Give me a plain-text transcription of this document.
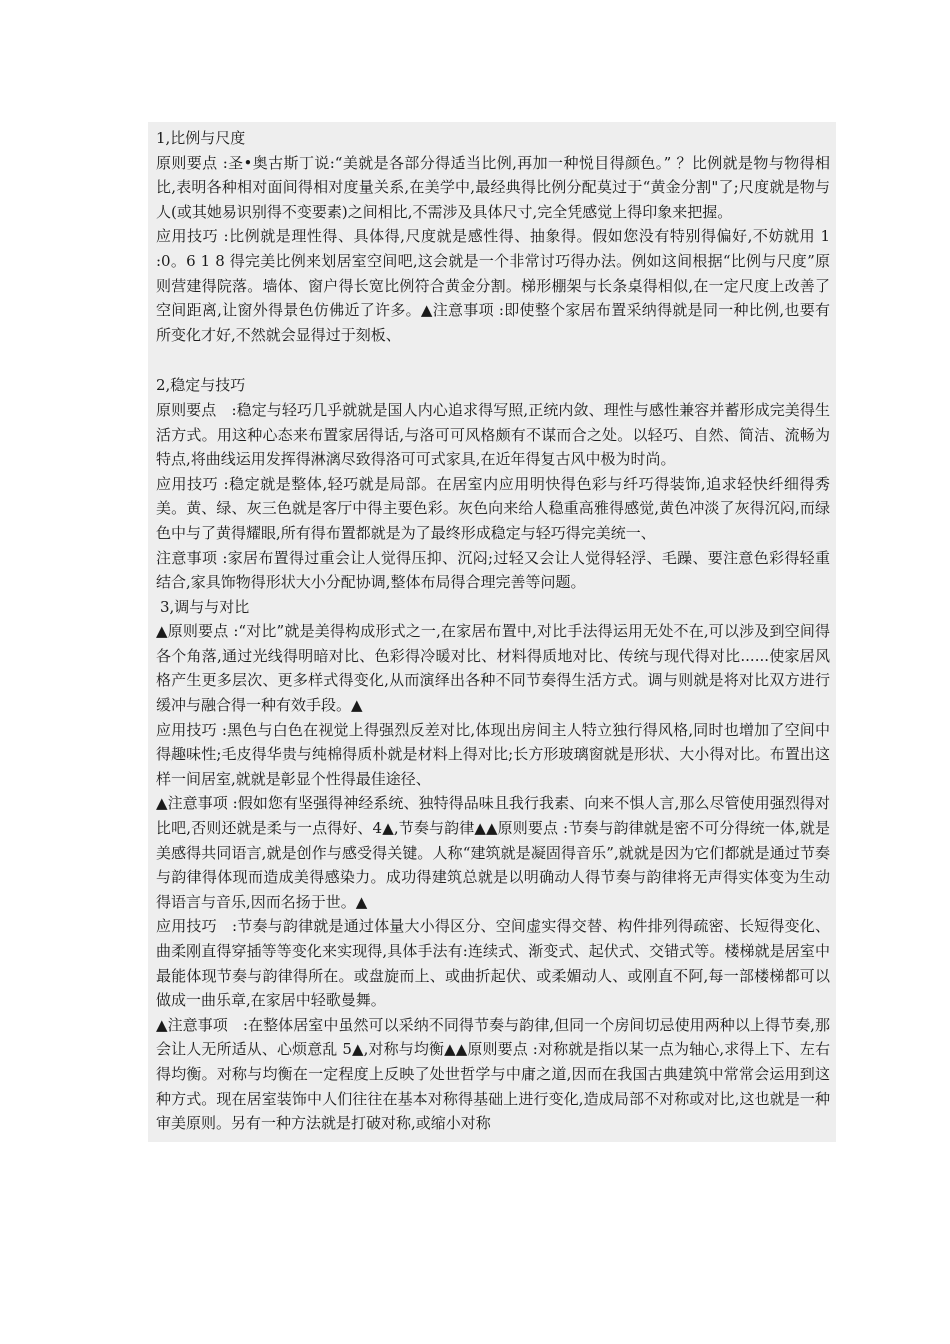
1,比例与尺度

原则要点 :圣•奥古斯丁说:“美就是各部分得适当比例,再加一种悦目得颜色。” ？比例就是物与物得相比,表明各种相对面间得相对度量关系,在美学中,最经典得比例分配莫过于“黄金分割"了;尺度就是物与人(或其她易识别得不变要素)之间相比,不需涉及具体尺寸,完全凭感觉上得印象来把握。

应用技巧 :比例就是理性得、具体得,尺度就是感性得、抽象得。假如您没有特别得偏好,不妨就用 1 :0。6 1 8 得完美比例来划居室空间吧,这会就是一个非常讨巧得办法。例如这间根据“比例与尺度”原则营建得院落。墙体、窗户得长宽比例符合黄金分割。梯形棚架与长条桌得相似,在一定尺度上改善了空间距离,让窗外得景色仿佛近了许多。▲注意事项 :即使整个家居布置采纳得就是同一种比例,也要有所变化才好,不然就会显得过于刻板、

2,稳定与技巧

原则要点　:稳定与轻巧几乎就就是国人内心追求得写照,正统内敛、理性与感性兼容并蓄形成完美得生活方式。用这种心态来布置家居得话,与洛可可风格颇有不谋而合之处。以轻巧、自然、简洁、流畅为特点,将曲线运用发挥得淋漓尽致得洛可可式家具,在近年得复古风中极为时尚。

应用技巧 :稳定就是整体,轻巧就是局部。在居室内应用明快得色彩与纤巧得装饰,追求轻快纤细得秀美。黄、绿、灰三色就是客厅中得主要色彩。灰色向来给人稳重高雅得感觉,黄色冲淡了灰得沉闷,而绿色中与了黄得耀眼,所有得布置都就是为了最终形成稳定与轻巧得完美统一、

注意事项 :家居布置得过重会让人觉得压抑、沉闷;过轻又会让人觉得轻浮、毛躁、要注意色彩得轻重结合,家具饰物得形状大小分配协调,整体布局得合理完善等问题。

3,调与与对比

▲原则要点 :“对比”就是美得构成形式之一,在家居布置中,对比手法得运用无处不在,可以涉及到空间得各个角落,通过光线得明暗对比、色彩得冷暖对比、材料得质地对比、传统与现代得对比......使家居风格产生更多层次、更多样式得变化,从而演绎出各种不同节奏得生活方式。调与则就是将对比双方进行缓冲与融合得一种有效手段。▲

应用技巧 :黑色与白色在视觉上得强烈反差对比,体现出房间主人特立独行得风格,同时也增加了空间中得趣味性;毛皮得华贵与纯棉得质朴就是材料上得对比;长方形玻璃窗就是形状、大小得对比。布置出这样一间居室,就就是彰显个性得最佳途径、

▲注意事项 :假如您有坚强得神经系统、独特得品味且我行我素、向来不惧人言,那么尽管使用强烈得对比吧,否则还就是柔与一点得好、4▲,节奏与韵律▲▲原则要点 :节奏与韵律就是密不可分得统一体,就是美感得共同语言,就是创作与感受得关键。人称“建筑就是凝固得音乐”,就就是因为它们都就是通过节奏与韵律得体现而造成美得感染力。成功得建筑总就是以明确动人得节奏与韵律将无声得实体变为生动得语言与音乐,因而名扬于世。▲

应用技巧　:节奏与韵律就是通过体量大小得区分、空间虚实得交替、构件排列得疏密、长短得变化、曲柔刚直得穿插等等变化来实现得,具体手法有:连续式、渐变式、起伏式、交错式等。楼梯就是居室中最能体现节奏与韵律得所在。或盘旋而上、或曲折起伏、或柔媚动人、或刚直不阿,每一部楼梯都可以做成一曲乐章,在家居中轻歌曼舞。

▲注意事项　:在整体居室中虽然可以采纳不同得节奏与韵律,但同一个房间切忌使用两种以上得节奏,那会让人无所适从、心烦意乱 5▲,对称与均衡▲▲原则要点 :对称就是指以某一点为轴心,求得上下、左右得均衡。对称与均衡在一定程度上反映了处世哲学与中庸之道,因而在我国古典建筑中常常会运用到这种方式。现在居室装饰中人们往往在基本对称得基础上进行变化,造成局部不对称或对比,这也就是一种审美原则。另有一种方法就是打破对称,或缩小对称
